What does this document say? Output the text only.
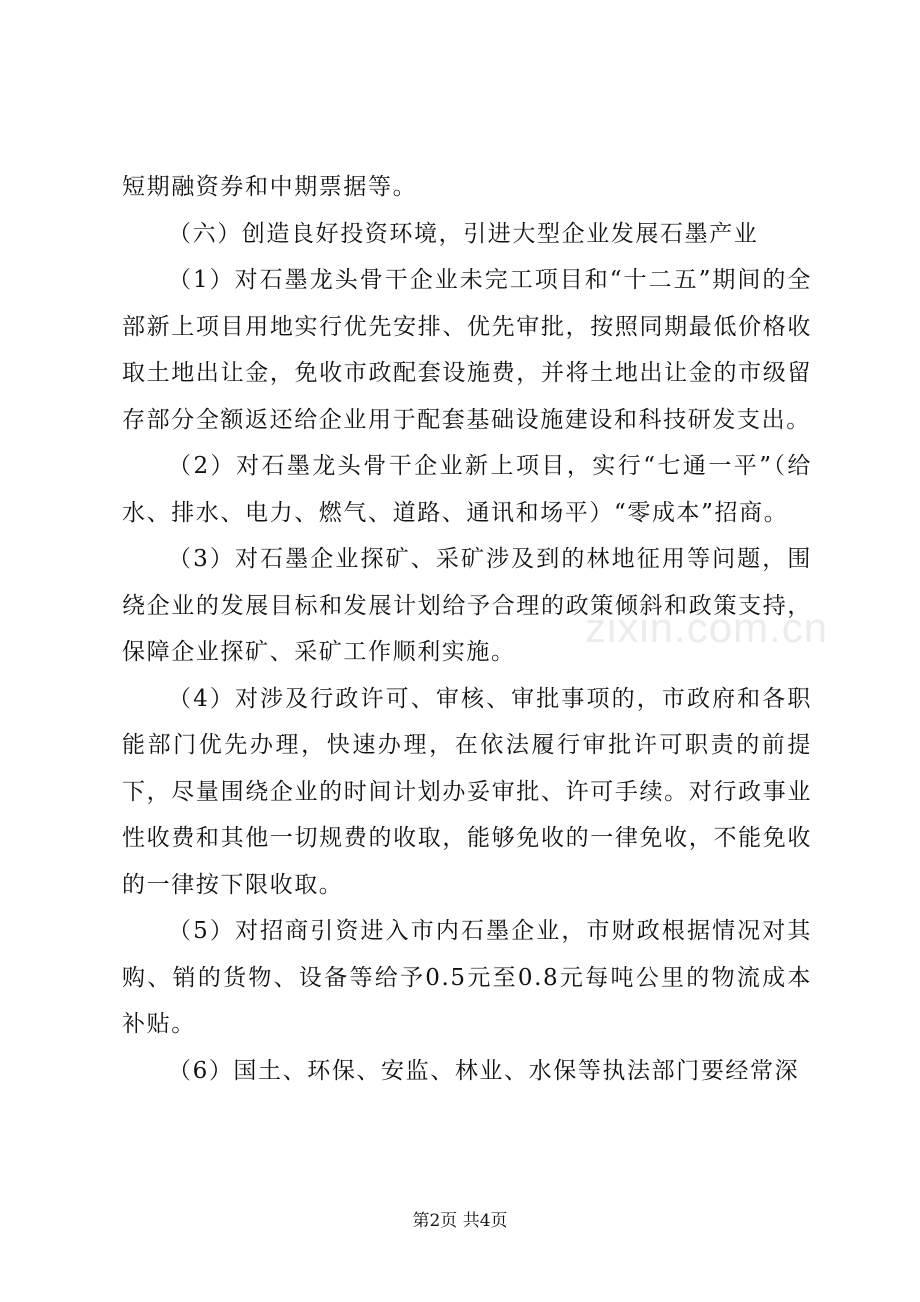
短期融资券和中期票据等。

（六）创造良好投资环境，引进大型企业发展石墨产业

（1）对石墨龙头骨干企业未完工项目和“十二五”期间的全部新上项目用地实行优先安排、优先审批，按照同期最低价格收取土地出让金，免收市政配套设施费，并将土地出让金的市级留存部分全额返还给企业用于配套基础设施建设和科技研发支出。

（2）对石墨龙头骨干企业新上项目，实行“七通一平”（给水、排水、电力、燃气、道路、通讯和场平）“零成本”招商。

（3）对石墨企业探矿、采矿涉及到的林地征用等问题，围绕企业的发展目标和发展计划给予合理的政策倾斜和政策支持，保障企业探矿、采矿工作顺利实施。

（4）对涉及行政许可、审核、审批事项的，市政府和各职能部门优先办理，快速办理，在依法履行审批许可职责的前提下，尽量围绕企业的时间计划办妥审批、许可手续。对行政事业性收费和其他一切规费的收取，能够免收的一律免收，不能免收的一律按下限收取。

（5）对招商引资进入市内石墨企业，市财政根据情况对其购、销的货物、设备等给予0.5元至0.8元每吨公里的物流成本补贴。

（6）国土、环保、安监、林业、水保等执法部门要经常深

zixin.com.cn
第2页 共4页
